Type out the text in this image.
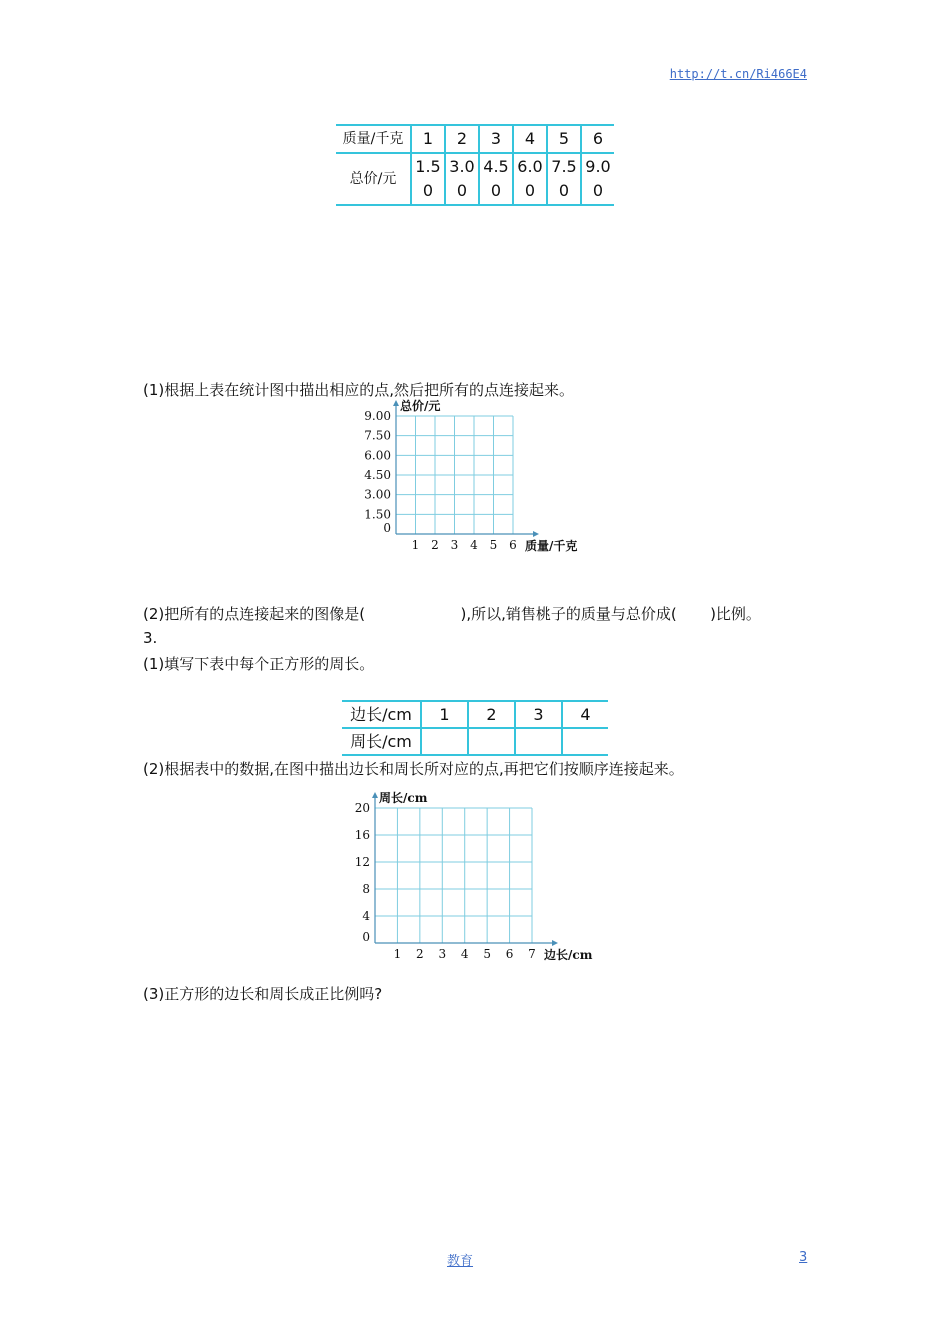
http://t.cn/Ri466E4
质量/千克	1	2	3	4	5	6
总价/元	1.50	3.00	4.50	6.00	7.50	9.00
(1)根据上表在统计图中描出相应的点,然后把所有的点连接起来。
1 2 3 4 5 6
0
1.50
3.00
4.50
6.00
7.50
9.00
质量/千克
总价/元
(2)把所有的点连接起来的图像是(                    ),所以,销售桃子的质量与总价成(       )比例。
3.
(1)填写下表中每个正方形的周长。
边长/cm	1	2	3	4
周长/cm				
(2)根据表中的数据,在图中描出边长和周长所对应的点,再把它们按顺序连接起来。
1 2 3 4 5 6 7
0
4
8
12
16
20
边长/cm
周长/cm
(3)正方形的边长和周长成正比例吗?
教育	3
